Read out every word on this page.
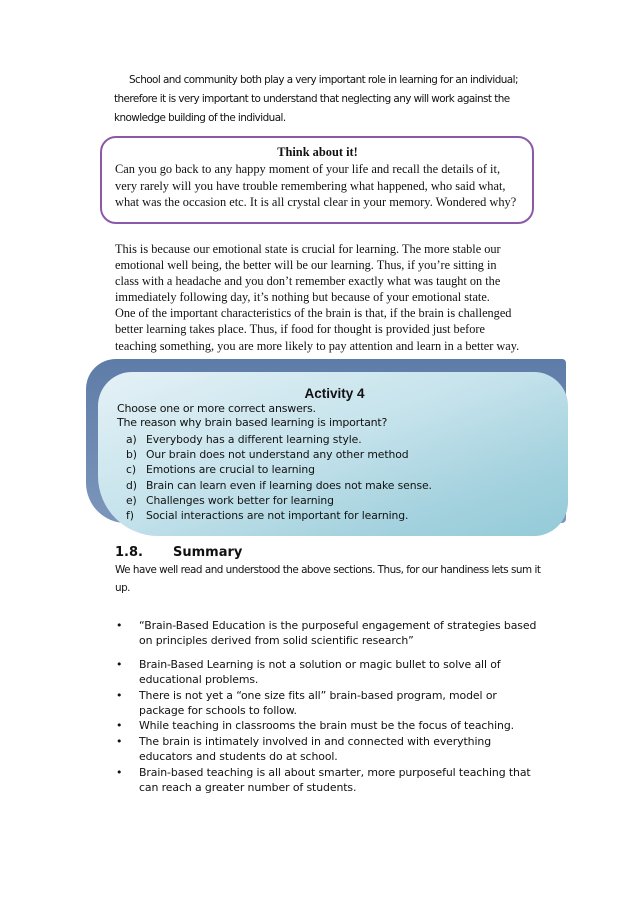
School and community both play a very important role in learning for an individual; therefore it is very important to understand that neglecting any will work against the knowledge building of the individual.

Think about it!

Can you go back to any happy moment of your life and recall the details of it, very rarely will you have trouble remembering what happened, who said what, what was the occasion etc. It is all crystal clear in your memory. Wondered why?

This is because our emotional state is crucial for learning. The more stable our
emotional well being, the better will be our learning. Thus, if you’re sitting in
class with a headache and you don’t remember exactly what was taught on the
immediately following day, it’s nothing but because of your emotional state.
One of the important characteristics of the brain is that, if the brain is challenged
better learning takes place. Thus, if food for thought is provided just before
teaching something, you are more likely to pay attention and learn in a better way.

Activity 4

Choose one or more correct answers.

The reason why brain based learning is important?

a) Everybody has a different learning style.
b) Our brain does not understand any other method
c) Emotions are crucial to learning
d) Brain can learn even if learning does not make sense.
e) Challenges work better for learning
f) Social interactions are not important for learning.
1.8. Summary

We have well read and understood the above sections. Thus, for our handiness lets sum it up.

• “Brain-Based Education is the purposeful engagement of strategies based on principles derived from solid scientific research”
• Brain-Based Learning is not a solution or magic bullet to solve all of educational problems.
• There is not yet a “one size fits all” brain-based program, model or package for schools to follow.
• While teaching in classrooms the brain must be the focus of teaching.
• The brain is intimately involved in and connected with everything educators and students do at school.
• Brain-based teaching is all about smarter, more purposeful teaching that can reach a greater number of students.
